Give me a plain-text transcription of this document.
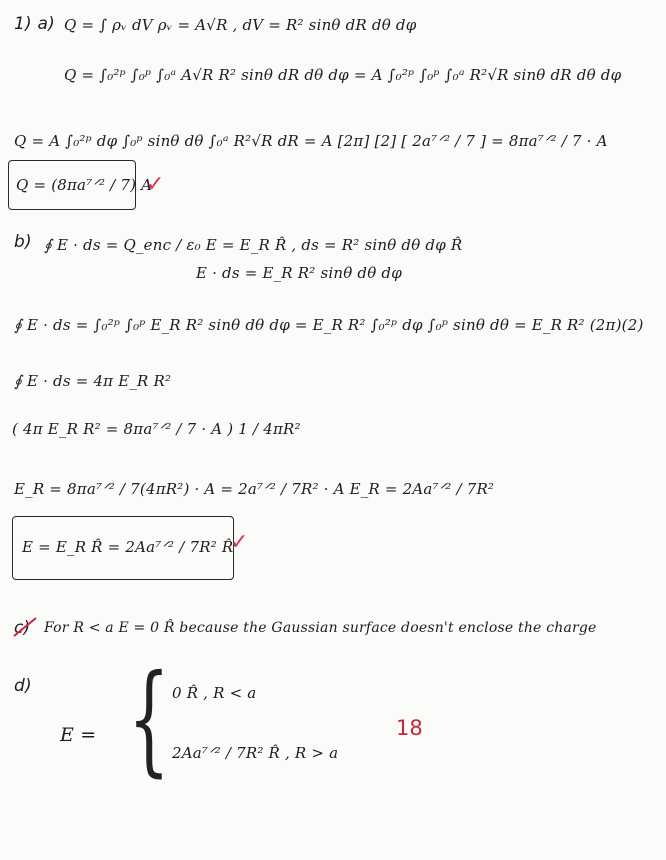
1) a) Q = ∫ ρᵥ dV ρᵥ = A√R , dV = R² sinθ dR dθ dφ
Q = ∫₀²ᵖ ∫₀ᵖ ∫₀ᵃ A√R R² sinθ dR dθ dφ = A ∫₀²ᵖ ∫₀ᵖ ∫₀ᵃ R²√R sinθ dR dθ dφ
Q = A ∫₀²ᵖ dφ ∫₀ᵖ sinθ dθ ∫₀ᵃ R²√R dR = A [2π] [2] [ 2a⁷ᐟ² / 7 ] = 8πa⁷ᐟ² / 7 · A
Q = (8πa⁷ᐟ² / 7) A
✓
b) ∮ E · ds = Q_enc / ε₀ E = E_R R̂ , ds = R² sinθ dθ dφ R̂
E · ds = E_R R² sinθ dθ dφ
∮ E · ds = ∫₀²ᵖ ∫₀ᵖ E_R R² sinθ dθ dφ = E_R R² ∫₀²ᵖ dφ ∫₀ᵖ sinθ dθ = E_R R² (2π)(2)
∮ E · ds = 4π E_R R²
( 4π E_R R² = 8πa⁷ᐟ² / 7 · A ) 1 / 4πR²
E_R = 8πa⁷ᐟ² / 7(4πR²) · A = 2a⁷ᐟ² / 7R² · A E_R = 2Aa⁷ᐟ² / 7R²
E = E_R R̂ = 2Aa⁷ᐟ² / 7R² R̂
✓
c) For R < a E = 0 R̂ because the Gaussian surface doesn't enclose the charge
d)
E = { 0 R̂ , R < a
2Aa⁷ᐟ² / 7R² R̂ , R > a
18
